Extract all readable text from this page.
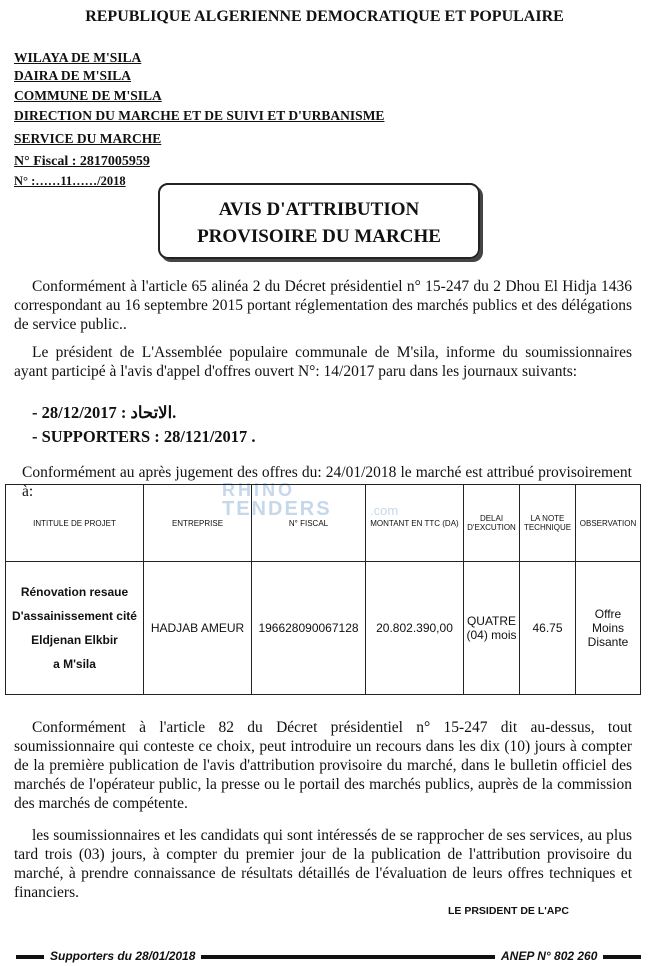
REPUBLIQUE ALGERIENNE DEMOCRATIQUE ET POPULAIRE
WILAYA DE M'SILA
DAIRA DE M'SILA
COMMUNE DE M'SILA
DIRECTION DU MARCHE ET DE SUIVI ET D'URBANISME
SERVICE DU MARCHE
N° Fiscal : 2817005959
N° :……11……/2018
AVIS D'ATTRIBUTION
PROVISOIRE DU MARCHE
Conformément à l'article 65 alinéa 2 du Décret présidentiel n° 15-247 du 2 Dhou El Hidja 1436 correspondant au 16 septembre 2015 portant réglementation des marchés publics et des délégations de service public..
Le président de L'Assemblée populaire communale de M'sila, informe du soumissionnaires ayant participé à l'avis d'appel d'offres ouvert N°: 14/2017 paru dans les journaux suivants:
- الاتحاد : 28/12/2017.
- SUPPORTERS : 28/121/2017 .
Conformément au après jugement des offres du: 24/01/2018 le marché est attribué provisoirement à:	RHINO
TENDERS	.com
INTITULE DE PROJET	ENTREPRISE	N° FISCAL	MONTANT EN TTC (DA)	DELAI D'EXCUTION	LA NOTE TECHNIQUE	OBSERVATION

Rénovation resaue
D'assainissement cité
Eldjenan Elkbir
a M'sila	HADJAB AMEUR	196628090067128	20.802.390,00	QUATRE (04) mois	46.75	Offre Moins Disante
Conformément à l'article 82 du Décret présidentiel n° 15-247 dit au-dessus, tout soumissionnaire qui conteste ce choix, peut introduire un recours dans les dix (10) jours à compter de la première publication de l'avis d'attribution provisoire du marché, dans le bulletin officiel des marchés de l'opérateur public, la presse ou le portail des marchés publics, auprès de la commission des marchés de compétente.
les soumissionnaires et les candidats qui sont intéressés de se rapprocher de ses services, au plus tard trois (03) jours, à compter du premier jour de la publication de l'attribution provisoire du marché, à prendre connaissance de résultats détaillés de l'évaluation de leurs offres techniques et financiers.
LE PRSIDENT DE L'APC
Supporters du 28/01/2018	ANEP N° 802 260
